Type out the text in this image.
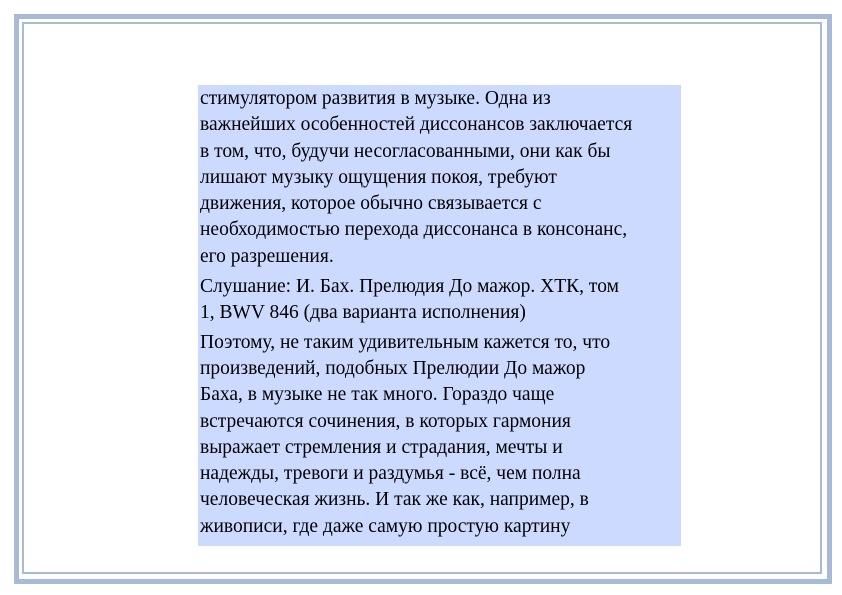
стимулятором развития в музыке. Одна из
важнейших особенностей диссонансов заключается
в том, что, будучи несогласованными, они как бы
лишают музыку ощущения покоя, требуют
движения, которое обычно связывается с
необходимостью перехода диссонанса в консонанс,
его разрешения.

Слушание: И. Бах. Прелюдия До мажор. ХТК, том
1, BWV 846 (два варианта исполнения)

Поэтому, не таким удивительным кажется то, что
произведений, подобных Прелюдии До мажор
Баха, в музыке не так много. Гораздо чаще
встречаются сочинения, в которых гармония
выражает стремления и страдания, мечты и
надежды, тревоги и раздумья - всё, чем полна
человеческая жизнь. И так же как, например, в
живописи, где даже самую простую картину
